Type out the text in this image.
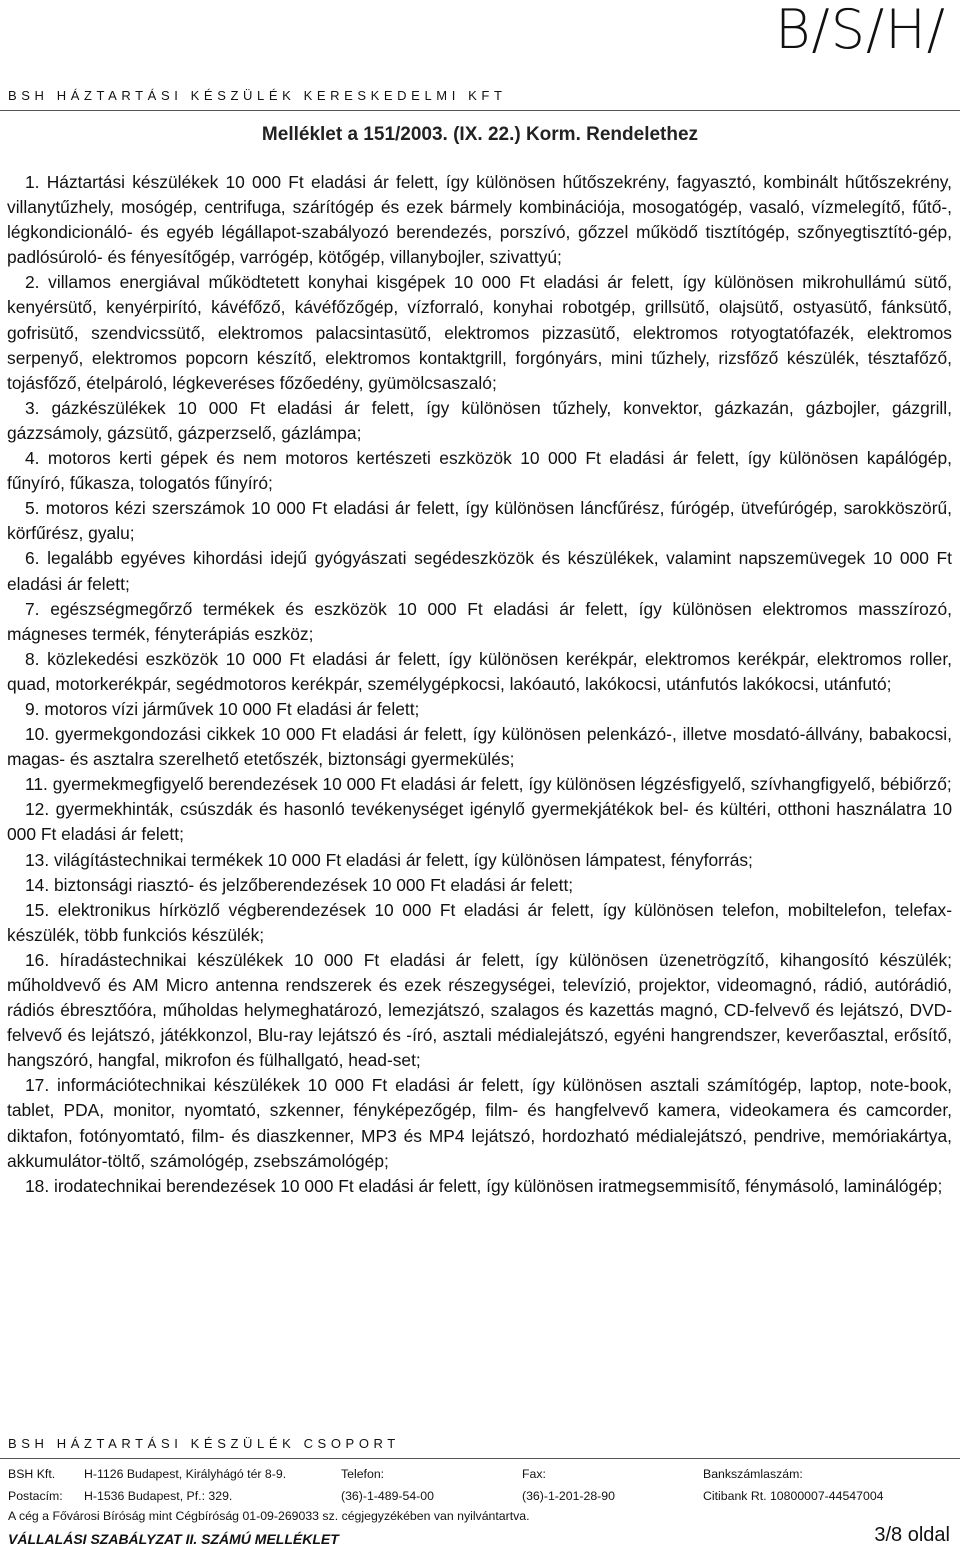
B/S/H/
BSH HÁZTARTÁSI KÉSZÜLÉK KERESKEDELMI KFT
Melléklet a 151/2003. (IX. 22.) Korm. Rendelethez

1. Háztartási készülékek 10 000 Ft eladási ár felett, így különösen hűtőszekrény, fagyasztó, kombinált hűtőszekrény, villanytűzhely, mosógép, centrifuga, szárítógép és ezek bármely kombinációja, mosogatógép, vasaló, vízmelegítő, fűtő-, légkondicionáló- és egyéb légállapot-szabályozó berendezés, porszívó, gőzzel működő tisztítógép, szőnyegtisztító-gép, padlósúroló- és fényesítőgép, varrógép, kötőgép, villanybojler, szivattyú;

2. villamos energiával működtetett konyhai kisgépek 10 000 Ft eladási ár felett, így különösen mikrohullámú sütő, kenyérsütő, kenyérpirító, kávéfőző, kávéfőzőgép, vízforraló, konyhai robotgép, grillsütő, olajsütő, ostyasütő, fánksütő, gofrisütő, szendvicssütő, elektromos palacsintasütő, elektromos pizzasütő, elektromos rotyogtatófazék, elektromos serpenyő, elektromos popcorn készítő, elektromos kontaktgrill, forgónyárs, mini tűzhely, rizsfőző készülék, tésztafőző, tojásfőző, ételpároló, légkeveréses főzőedény, gyümölcsaszaló;

3. gázkészülékek 10 000 Ft eladási ár felett, így különösen tűzhely, konvektor, gázkazán, gázbojler, gázgrill, gázzsámoly, gázsütő, gázperzselő, gázlámpa;

4. motoros kerti gépek és nem motoros kertészeti eszközök 10 000 Ft eladási ár felett, így különösen kapálógép, fűnyíró, fűkasza, tologatós fűnyíró;

5. motoros kézi szerszámok 10 000 Ft eladási ár felett, így különösen láncfűrész, fúrógép, ütvefúrógép, sarokköszörű, körfűrész, gyalu;

6. legalább egyéves kihordási idejű gyógyászati segédeszközök és készülékek, valamint napszemüvegek 10 000 Ft eladási ár felett;

7. egészségmegőrző termékek és eszközök 10 000 Ft eladási ár felett, így különösen elektromos masszírozó, mágneses termék, fényterápiás eszköz;

8. közlekedési eszközök 10 000 Ft eladási ár felett, így különösen kerékpár, elektromos kerékpár, elektromos roller, quad, motorkerékpár, segédmotoros kerékpár, személygépkocsi, lakóautó, lakókocsi, utánfutós lakókocsi, utánfutó;

9. motoros vízi járművek 10 000 Ft eladási ár felett;

10. gyermekgondozási cikkek 10 000 Ft eladási ár felett, így különösen pelenkázó-, illetve mosdató-állvány, babakocsi, magas- és asztalra szerelhető etetőszék, biztonsági gyermekülés;

11. gyermekmegfigyelő berendezések 10 000 Ft eladási ár felett, így különösen légzésfigyelő, szívhangfigyelő, bébiőrző;

12. gyermekhinták, csúszdák és hasonló tevékenységet igénylő gyermekjátékok bel- és kültéri, otthoni használatra 10 000 Ft eladási ár felett;

13. világítástechnikai termékek 10 000 Ft eladási ár felett, így különösen lámpatest, fényforrás;

14. biztonsági riasztó- és jelzőberendezések 10 000 Ft eladási ár felett;

15. elektronikus hírközlő végberendezések 10 000 Ft eladási ár felett, így különösen telefon, mobiltelefon, telefax-készülék, több funkciós készülék;

16. híradástechnikai készülékek 10 000 Ft eladási ár felett, így különösen üzenetrögzítő, kihangosító készülék; műholdvevő és AM Micro antenna rendszerek és ezek részegységei, televízió, projektor, videomagnó, rádió, autórádió, rádiós ébresztőóra, műholdas helymeghatározó, lemezjátszó, szalagos és kazettás magnó, CD-felvevő és lejátszó, DVD-felvevő és lejátszó, játékkonzol, Blu-ray lejátszó és -író, asztali médialejátszó, egyéni hangrendszer, keverőasztal, erősítő, hangszóró, hangfal, mikrofon és fülhallgató, head-set;

17. információtechnikai készülékek 10 000 Ft eladási ár felett, így különösen asztali számítógép, laptop, note-book, tablet, PDA, monitor, nyomtató, szkenner, fényképezőgép, film- és hangfelvevő kamera, videokamera és camcorder, diktafon, fotónyomtató, film- és diaszkenner, MP3 és MP4 lejátszó, hordozható médialejátszó, pendrive, memóriakártya, akkumulátor-töltő, számológép, zsebszámológép;

18. irodatechnikai berendezések 10 000 Ft eladási ár felett, így különösen iratmegsemmisítő, fénymásoló, laminálógép;

BSH HÁZTARTÁSI KÉSZÜLÉK CSOPORT
BSH Kft. H-1126 Budapest, Királyhágó tér 8-9.	Telefon:	Fax:	Bankszámlaszám:
Postacím: H-1536 Budapest, Pf.: 329.	(36)-1-489-54-00	(36)-1-201-28-90	Citibank Rt. 10800007-44547004
A cég a Fővárosi Bíróság mint Cégbíróság 01-09-269033 sz. cégjegyzékében van nyilvántartva.
VÁLLALÁSI SZABÁLYZAT II. SZÁMÚ MELLÉKLET	3/8 oldal
